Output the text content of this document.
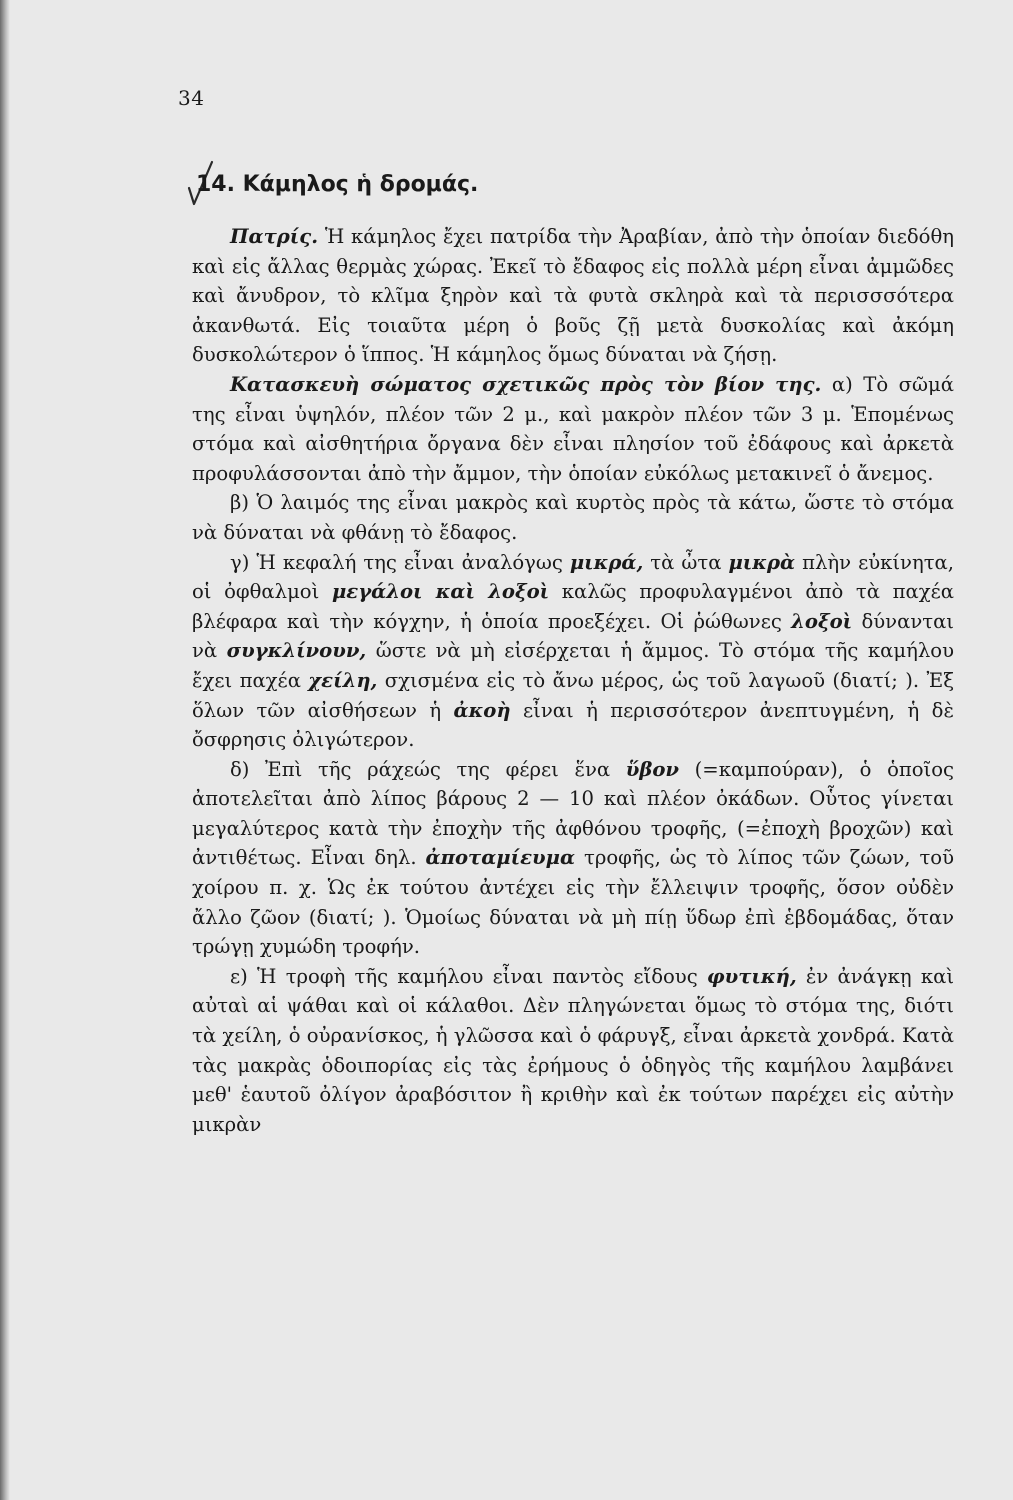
34
14. Κάμηλος ἡ δρομάς.

Πατρίς. Ἡ κάμηλος ἔχει πατρίδα τὴν Ἀραβίαν, ἀπὸ τὴν ὁποίαν διεδόθη καὶ εἰς ἄλλας θερμὰς χώρας. Ἐκεῖ τὸ ἔδαφος εἰς πολλὰ μέρη εἶναι ἀμμῶδες καὶ ἄνυδρον, τὸ κλῖμα ξηρὸν καὶ τὰ φυτὰ σκληρὰ καὶ τὰ περισσσότερα ἀκανθωτά. Εἰς τοιαῦτα μέρη ὁ βοῦς ζῇ μετὰ δυσκολίας καὶ ἀκόμη δυσκολώτερον ὁ ἵππος. Ἡ κάμηλος ὅμως δύναται νὰ ζήσῃ.

Κατασκευὴ σώματος σχετικῶς πρὸς τὸν βίον της. α) Τὸ σῶμά της εἶναι ὑψηλόν, πλέον τῶν 2 μ., καὶ μακρὸν πλέον τῶν 3 μ. Ἑπομένως στόμα καὶ αἰσθητήρια ὄργανα δὲν εἶναι πλησίον τοῦ ἐδάφους καὶ ἀρκετὰ προφυλάσσονται ἀπὸ τὴν ἄμμον, τὴν ὁποίαν εὐκόλως μετακινεῖ ὁ ἄνεμος.

β) Ὁ λαιμός της εἶναι μακρὸς καὶ κυρτὸς πρὸς τὰ κάτω, ὥστε τὸ στόμα νὰ δύναται νὰ φθάνῃ τὸ ἔδαφος.

γ) Ἡ κεφαλή της εἶναι ἀναλόγως μικρά, τὰ ὦτα μικρὰ πλὴν εὐκίνητα, οἱ ὀφθαλμοὶ μεγάλοι καὶ λοξοὶ καλῶς προφυλαγμένοι ἀπὸ τὰ παχέα βλέφαρα καὶ τὴν κόγχην, ἡ ὁποία προεξέχει. Οἱ ῥώθωνες λοξοὶ δύνανται νὰ συγκλίνουν, ὥστε νὰ μὴ εἰσέρχεται ἡ ἄμμος. Τὸ στόμα τῆς καμήλου ἔχει παχέα χείλη, σχισμένα εἰς τὸ ἄνω μέρος, ὡς τοῦ λαγωοῦ (διατί; ). Ἐξ ὅλων τῶν αἰσθήσεων ἡ ἀκοὴ εἶναι ἡ περισσότερον ἀνεπτυγμένη, ἡ δὲ ὄσφρησις ὀλιγώτερον.

δ) Ἐπὶ τῆς ράχεώς της φέρει ἕνα ὕβον (=καμπούραν), ὁ ὁποῖος ἀποτελεῖται ἀπὸ λίπος βάρους 2 — 10 καὶ πλέον ὀκάδων. Οὗτος γίνεται μεγαλύτερος κατὰ τὴν ἐποχὴν τῆς ἀφθόνου τροφῆς, (=ἐποχὴ βροχῶν) καὶ ἀντιθέτως. Εἶναι δηλ. ἀποταμίευμα τροφῆς, ὡς τὸ λίπος τῶν ζώων, τοῦ χοίρου π. χ. Ὡς ἐκ τούτου ἀντέχει εἰς τὴν ἔλλειψιν τροφῆς, ὅσον οὐδὲν ἄλλο ζῶον (διατί; ). Ὁμοίως δύναται νὰ μὴ πίῃ ὕδωρ ἐπὶ ἑβδομάδας, ὅταν τρώγῃ χυμώδη τροφήν.

ε) Ἡ τροφὴ τῆς καμήλου εἶναι παντὸς εἴδους φυτική, ἐν ἀνάγκῃ καὶ αὐταὶ αἱ ψάθαι καὶ οἱ κάλαθοι. Δὲν πληγώνεται ὅμως τὸ στόμα της, διότι τὰ χείλη, ὁ οὐρανίσκος, ἡ γλῶσσα καὶ ὁ φάρυγξ, εἶναι ἀρκετὰ χονδρά. Κατὰ τὰς μακρὰς ὁδοιπορίας εἰς τὰς ἐρήμους ὁ ὁδηγὸς τῆς καμήλου λαμβάνει μεθ' ἑαυτοῦ ὀλίγον ἀραβόσιτον ἢ κριθὴν καὶ ἐκ τούτων παρέχει εἰς αὐτὴν μικρὰν
